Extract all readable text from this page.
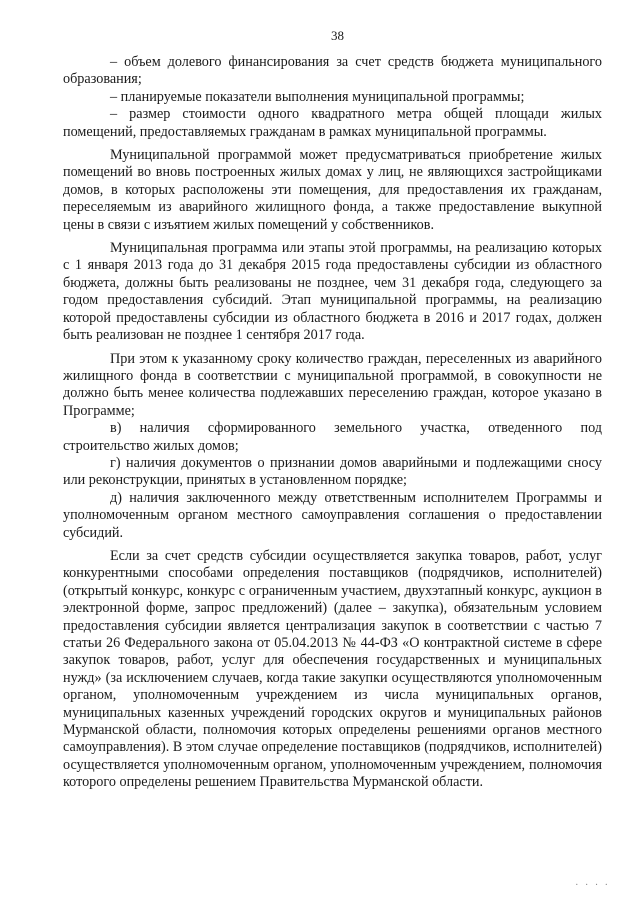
38

– объем долевого финансирования за счет средств бюджета муниципального образования;

– планируемые показатели выполнения муниципальной программы;

– размер стоимости одного квадратного метра общей площади жилых помещений, предоставляемых гражданам в рамках муниципальной программы.

Муниципальной программой может предусматриваться приобретение жилых помещений во вновь построенных жилых домах у лиц, не являющихся застройщиками домов, в которых расположены эти помещения, для предоставления их гражданам, переселяемым из аварийного жилищного фонда, а также предоставление выкупной цены в связи с изъятием жилых помещений у собственников.

Муниципальная программа или этапы этой программы, на реализацию которых с 1 января 2013 года до 31 декабря 2015 года предоставлены субсидии из областного бюджета, должны быть реализованы не позднее, чем 31 декабря года, следующего за годом предоставления субсидий. Этап муниципальной программы, на реализацию которой предоставлены субсидии из областного бюджета в 2016 и 2017 годах, должен быть реализован не позднее 1 сентября 2017 года.

При этом к указанному сроку количество граждан, переселенных из аварийного жилищного фонда в соответствии с муниципальной программой, в совокупности не должно быть менее количества подлежавших переселению граждан, которое указано в Программе;

в) наличия сформированного земельного участка, отведенного под строительство жилых домов;

г) наличия документов о признании домов аварийными и подлежащими сносу или реконструкции, принятых в установленном порядке;

д) наличия заключенного между ответственным исполнителем Программы и уполномоченным органом местного самоуправления соглашения о предоставлении субсидий.

Если за счет средств субсидии осуществляется закупка товаров, работ, услуг конкурентными способами определения поставщиков (подрядчиков, исполнителей) (открытый конкурс, конкурс с ограниченным участием, двухэтапный конкурс, аукцион в электронной форме, запрос предложений) (далее – закупка), обязательным условием предоставления субсидии является централизация закупок в соответствии с частью 7 статьи 26 Федерального закона от 05.04.2013 № 44-ФЗ «О контрактной системе в сфере закупок товаров, работ, услуг для обеспечения государственных и муниципальных нужд» (за исключением случаев, когда такие закупки осуществляются уполномоченным органом, уполномоченным учреждением из числа муниципальных органов, муниципальных казенных учреждений городских округов и муниципальных районов Мурманской области, полномочия которых определены решениями органов местного самоуправления). В этом случае определение поставщиков (подрядчиков, исполнителей) осуществляется уполномоченным органом, уполномоченным учреждением, полномочия которого определены решением Правительства Мурманской области.

· · · ·
